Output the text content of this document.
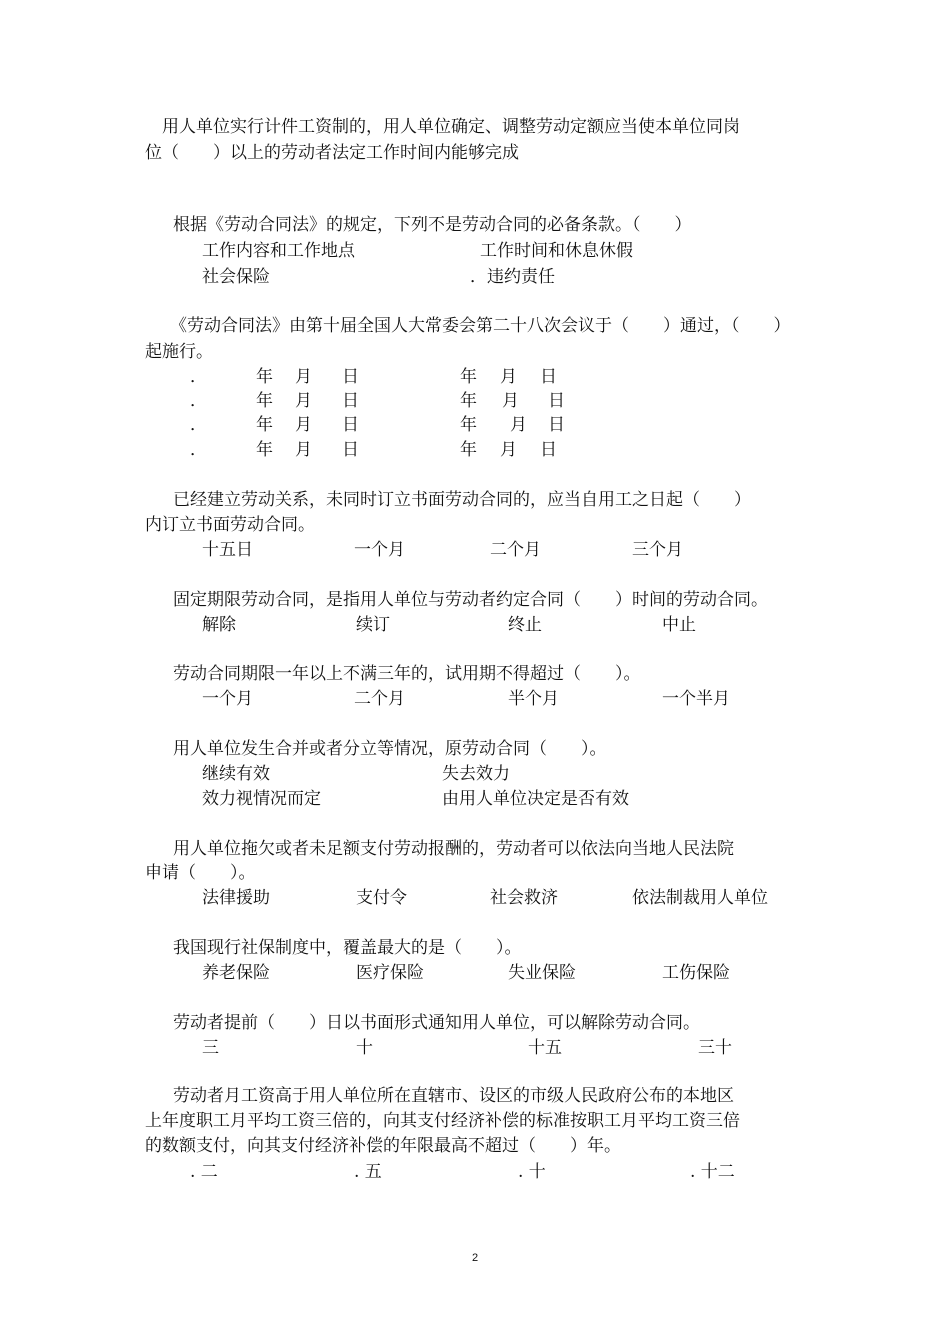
用人单位实行计件工资制的，用人单位确定、调整劳动定额应当使本单位同岗
位（　　）以上的劳动者法定工作时间内能够完成
根据《劳动合同法》的规定，下列不是劳动合同的必备条款。（　　）
工作内容和工作地点	工作时间和休息休假
社会保险	．违约责任
《劳动合同法》由第十届全国人大常委会第二十八次会议于（　　）通过，（　　）
起施行。
．	年 月 日	年 月 日
．	年 月 日	年 月 日
．	年 月 日	年 月 日
．	年 月 日	年 月 日
已经建立劳动关系，未同时订立书面劳动合同的，应当自用工之日起（　　）
内订立书面劳动合同。
十五日	一个月	二个月	三个月
固定期限劳动合同，是指用人单位与劳动者约定合同（　　）时间的劳动合同。
解除	续订	终止	中止
劳动合同期限一年以上不满三年的，试用期不得超过（　　）。
一个月	二个月	半个月	一个半月
用人单位发生合并或者分立等情况，原劳动合同（　　）。
继续有效	失去效力
效力视情况而定	由用人单位决定是否有效
用人单位拖欠或者未足额支付劳动报酬的，劳动者可以依法向当地人民法院
申请（　　）。
法律援助	支付令	社会救济	依法制裁用人单位
我国现行社保制度中，覆盖最大的是（　　）。
养老保险	医疗保险	失业保险	工伤保险
劳动者提前（　　）日以书面形式通知用人单位，可以解除劳动合同。
三	十	十五	三十
劳动者月工资高于用人单位所在直辖市、设区的市级人民政府公布的本地区
上年度职工月平均工资三倍的，向其支付经济补偿的标准按职工月平均工资三倍
的数额支付，向其支付经济补偿的年限最高不超过（　　）年。
. 二	. 五	. 十	. 十二
2
